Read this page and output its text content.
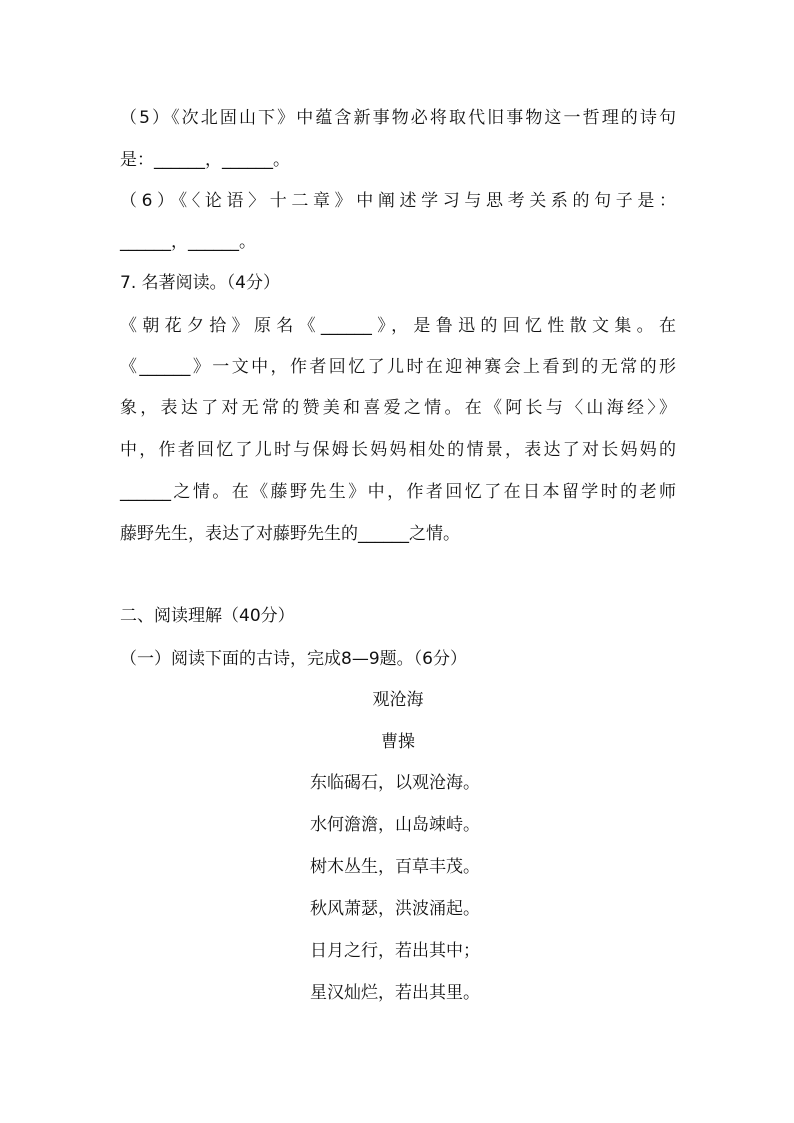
（5）《次北固山下》中蕴含新事物必将取代旧事物这一哲理的诗句
是：______，______。
（6）《〈论语〉十二章》中阐述学习与思考关系的句子是：
______，______。
7. 名著阅读。（4分）
《朝花夕拾》原名《______》，是鲁迅的回忆性散文集。在
《______》一文中，作者回忆了儿时在迎神赛会上看到的无常的形
象，表达了对无常的赞美和喜爱之情。在《阿长与〈山海经〉》
中，作者回忆了儿时与保姆长妈妈相处的情景，表达了对长妈妈的
______之情。在《藤野先生》中，作者回忆了在日本留学时的老师
藤野先生，表达了对藤野先生的______之情。
二、阅读理解（40分）
（一）阅读下面的古诗，完成8—9题。（6分）
观沧海
曹操
东临碣石，以观沧海。
水何澹澹，山岛竦峙。
树木丛生，百草丰茂。
秋风萧瑟，洪波涌起。
日月之行，若出其中；
星汉灿烂，若出其里。
